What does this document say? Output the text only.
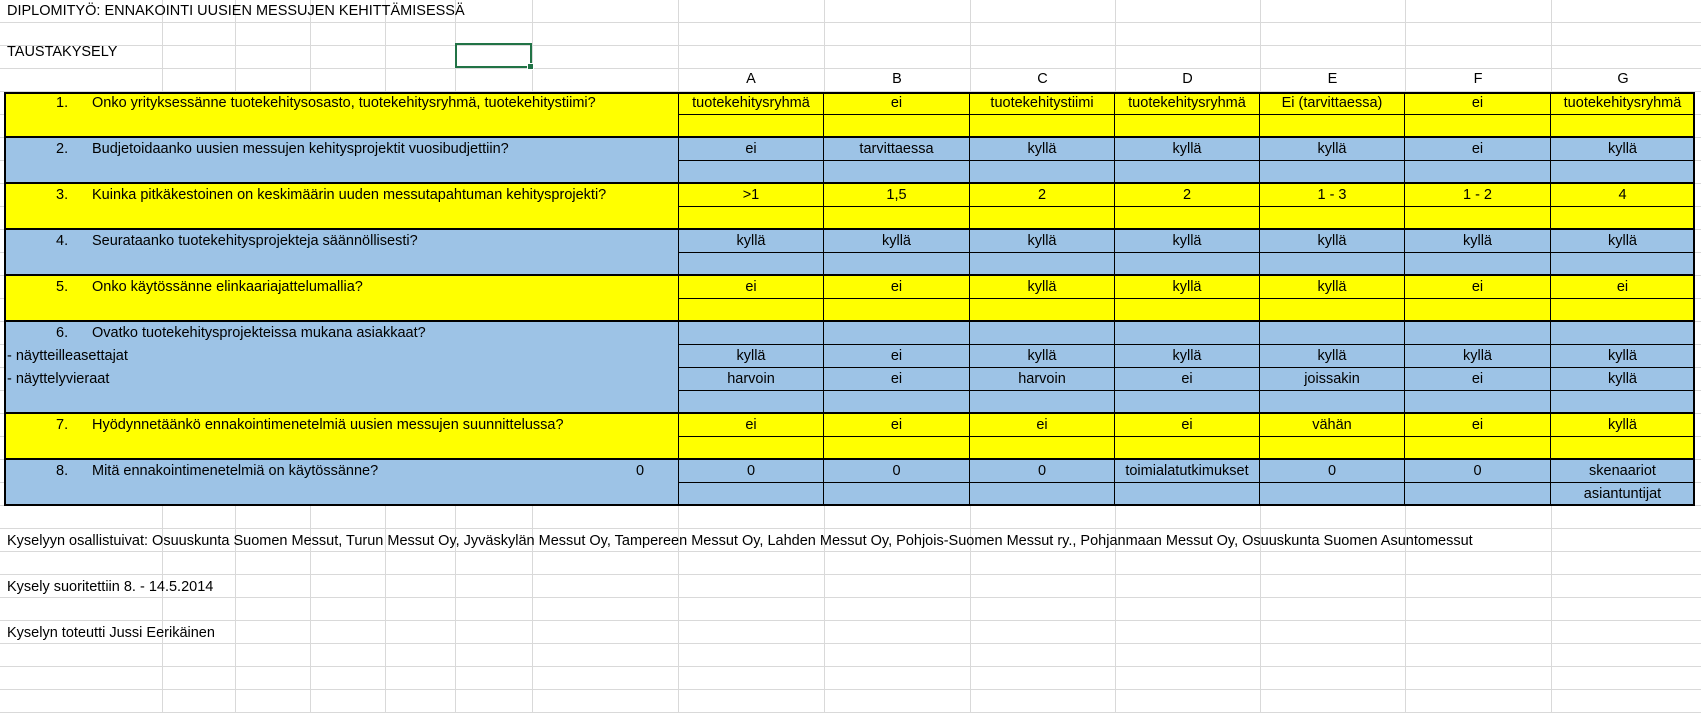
DIPLOMITYÖ: ENNAKOINTI UUSIEN MESSUJEN KEHITTÄMISESSÄ
TAUSTAKYSELY
A	B	C	D	E	F	G
1. Onko yrityksessänne tuotekehitysosasto, tuotekehitysryhmä, tuotekehitystiimi?	tuotekehitysryhmä	ei	tuotekehitystiimi	tuotekehitysryhmä	Ei (tarvittaessa)	ei	tuotekehitysryhmä
2. Budjetoidaanko uusien messujen kehitysprojektit vuosibudjettiin?	ei	tarvittaessa	kyllä	kyllä	kyllä	ei	kyllä
3. Kuinka pitkäkestoinen on keskimäärin uuden messutapahtuman kehitysprojekti?	>1	1,5	2	2	1 - 3	1 - 2	4
4. Seurataanko tuotekehitysprojekteja säännöllisesti?	kyllä	kyllä	kyllä	kyllä	kyllä	kyllä	kyllä
5. Onko käytössänne elinkaariajattelumallia?	ei	ei	kyllä	kyllä	kyllä	ei	ei
6. Ovatko tuotekehitysprojekteissa mukana asiakkaat?
- näytteilleasettajat	kyllä	ei	kyllä	kyllä	kyllä	kyllä	kyllä
- näyttelyvieraat	harvoin	ei	harvoin	ei	joissakin	ei	kyllä
7. Hyödynnetäänkö ennakointimenetelmiä uusien messujen suunnittelussa?	ei	ei	ei	ei	vähän	ei	kyllä
8. Mitä ennakointimenetelmiä on käytössänne?	0	0	0	0	toimialatutkimukset	0	0	skenaariot
asiantuntijat
Kyselyyn osallistuivat: Osuuskunta Suomen Messut, Turun Messut Oy, Jyväskylän Messut Oy, Tampereen Messut Oy, Lahden Messut Oy, Pohjois-Suomen Messut ry., Pohjanmaan Messut Oy, Osuuskunta Suomen Asuntomessut
Kysely suoritettiin 8. - 14.5.2014
Kyselyn toteutti Jussi Eerikäinen
